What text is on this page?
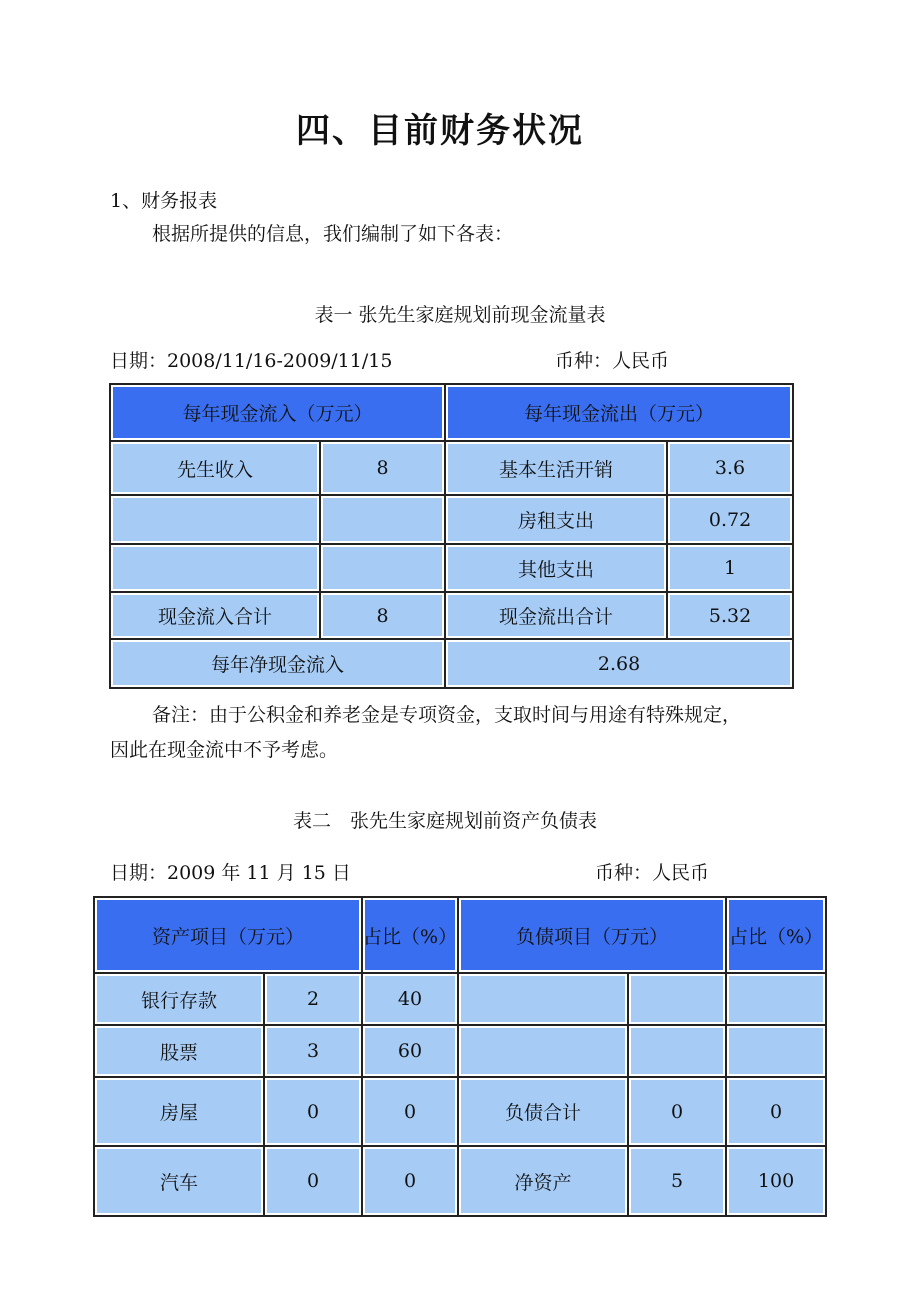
四、目前财务状况
1、财务报表
根据所提供的信息，我们编制了如下各表：
表一 张先生家庭规划前现金流量表
日期：2008/11/16-2009/11/15	币种：人民币
每年现金流入（万元）		每年现金流出（万元）	
先生收入	8	基本生活开销	3.6
		房租支出	0.72
		其他支出	1
现金流入合计	8	现金流出合计	5.32
每年净现金流入		2.68	
备注：由于公积金和养老金是专项资金，支取时间与用途有特殊规定，
因此在现金流中不予考虑。
表二　张先生家庭规划前资产负债表
日期：2009 年 11 月 15 日	币种：人民币
资产项目（万元）		占比（%）	负债项目（万元）		占比（%）
银行存款	2	40			
股票	3	60			
房屋	0	0	负债合计	0	0
汽车	0	0	净资产	5	100
